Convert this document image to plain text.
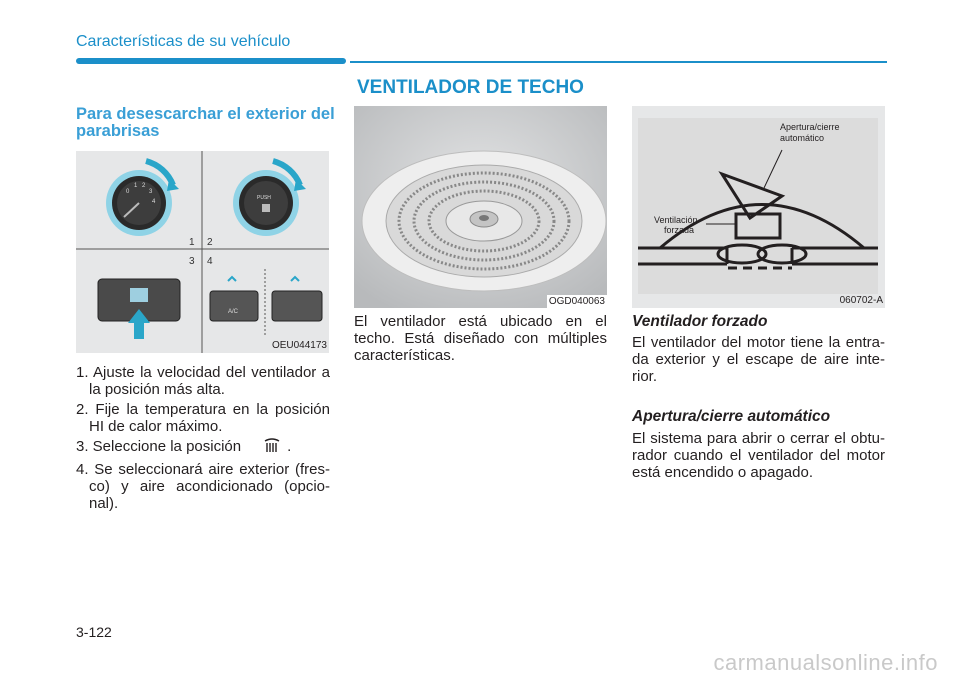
Características de su vehículo
VENTILADOR DE TECHO
Para desescarchar el exterior del parabrisas
0
1 2
3
4
PUSH
1 2
3 4
A/C
OEU044173
1. Ajuste la velocidad del ventilador a la posición más alta.
2. Fije la temperatura en la posición HI de calor máximo.
3. Seleccione la posición	.
4. Se seleccionará aire exterior (fres-co) y aire acondicionado (opcio-nal).
OGD040063
El ventilador está ubicado en el techo. Está diseñado con múltiples características.
Apertura/cierre
automático
Ventilación
forzada
060702-A
Ventilador forzado
El ventilador del motor tiene la entra-da exterior y el escape de aire inte-rior.
Apertura/cierre automático
El sistema para abrir o cerrar el obtu-rador cuando el ventilador del motor está encendido o apagado.
3-122
carmanualsonline.info
